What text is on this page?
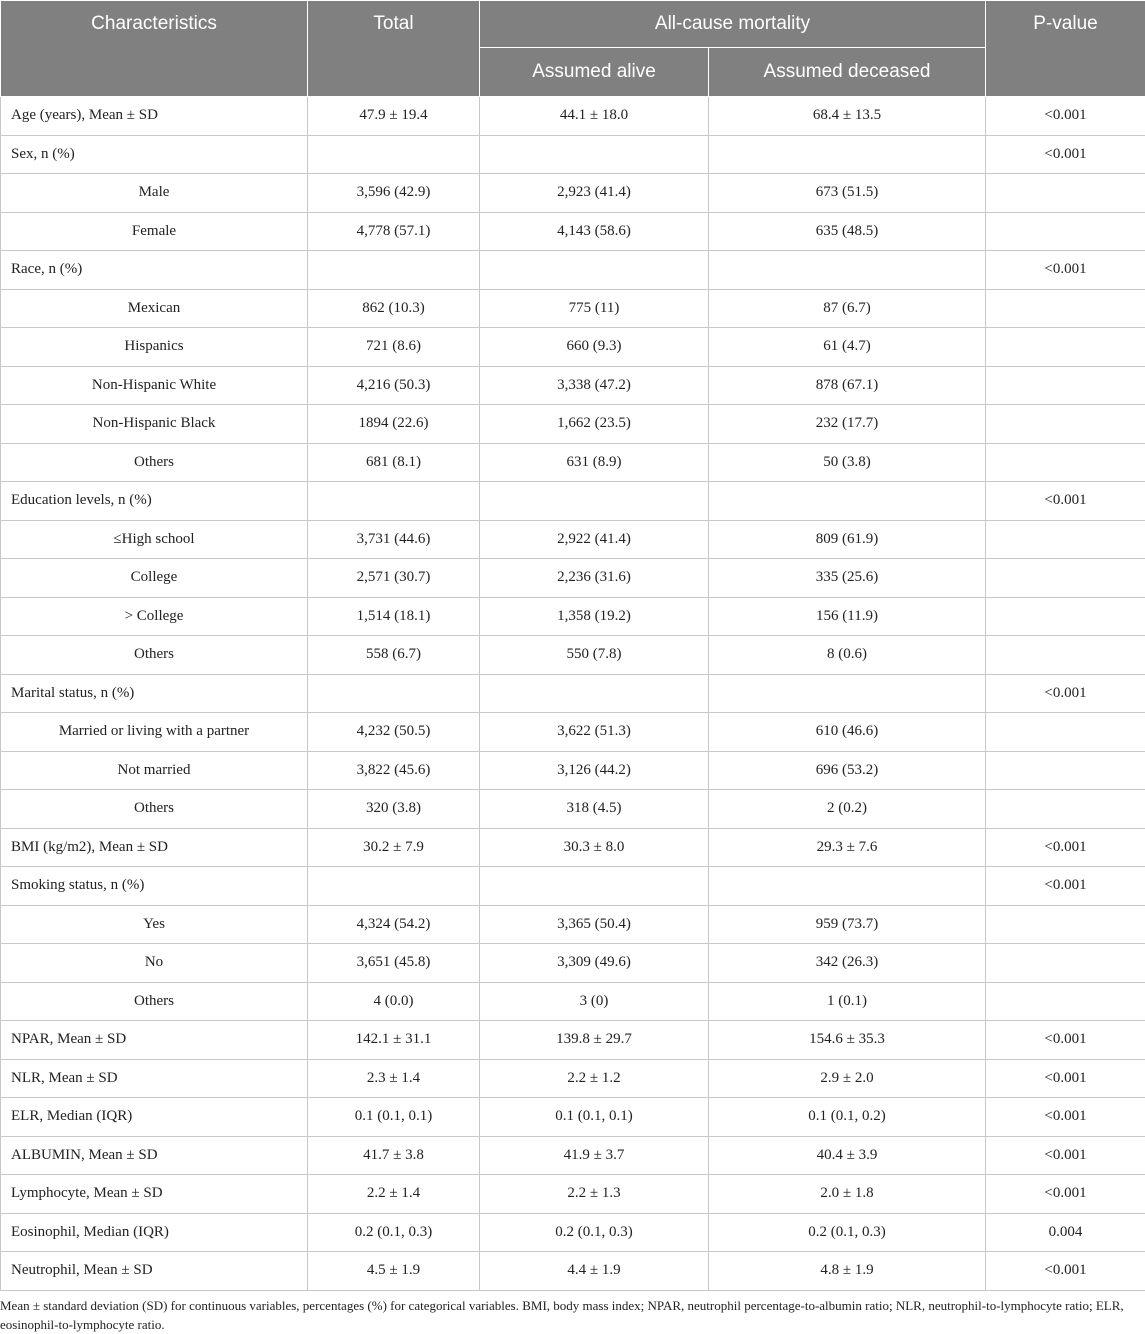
Characteristics	Total	All-cause mortality		P-value
		Assumed alive	Assumed deceased	
Age (years), Mean ± SD	47.9 ± 19.4	44.1 ± 18.0	68.4 ± 13.5	<0.001
Sex, n (%)				<0.001
Male	3,596 (42.9)	2,923 (41.4)	673 (51.5)	
Female	4,778 (57.1)	4,143 (58.6)	635 (48.5)	
Race, n (%)				<0.001
Mexican	862 (10.3)	775 (11)	87 (6.7)	
Hispanics	721 (8.6)	660 (9.3)	61 (4.7)	
Non-Hispanic White	4,216 (50.3)	3,338 (47.2)	878 (67.1)	
Non-Hispanic Black	1894 (22.6)	1,662 (23.5)	232 (17.7)	
Others	681 (8.1)	631 (8.9)	50 (3.8)	
Education levels, n (%)				<0.001
≤High school	3,731 (44.6)	2,922 (41.4)	809 (61.9)	
College	2,571 (30.7)	2,236 (31.6)	335 (25.6)	
> College	1,514 (18.1)	1,358 (19.2)	156 (11.9)	
Others	558 (6.7)	550 (7.8)	8 (0.6)	
Marital status, n (%)				<0.001
Married or living with a partner	4,232 (50.5)	3,622 (51.3)	610 (46.6)	
Not married	3,822 (45.6)	3,126 (44.2)	696 (53.2)	
Others	320 (3.8)	318 (4.5)	2 (0.2)	
BMI (kg/m2), Mean ± SD	30.2 ± 7.9	30.3 ± 8.0	29.3 ± 7.6	<0.001
Smoking status, n (%)				<0.001
Yes	4,324 (54.2)	3,365 (50.4)	959 (73.7)	
No	3,651 (45.8)	3,309 (49.6)	342 (26.3)	
Others	4 (0.0)	3 (0)	1 (0.1)	
NPAR, Mean ± SD	142.1 ± 31.1	139.8 ± 29.7	154.6 ± 35.3	<0.001
NLR, Mean ± SD	2.3 ± 1.4	2.2 ± 1.2	2.9 ± 2.0	<0.001
ELR, Median (IQR)	0.1 (0.1, 0.1)	0.1 (0.1, 0.1)	0.1 (0.1, 0.2)	<0.001
ALBUMIN, Mean ± SD	41.7 ± 3.8	41.9 ± 3.7	40.4 ± 3.9	<0.001
Lymphocyte, Mean ± SD	2.2 ± 1.4	2.2 ± 1.3	2.0 ± 1.8	<0.001
Eosinophil, Median (IQR)	0.2 (0.1, 0.3)	0.2 (0.1, 0.3)	0.2 (0.1, 0.3)	0.004
Neutrophil, Mean ± SD	4.5 ± 1.9	4.4 ± 1.9	4.8 ± 1.9	<0.001
Mean ± standard deviation (SD) for continuous variables, percentages (%) for categorical variables. BMI, body mass index; NPAR, neutrophil percentage-to-albumin ratio; NLR, neutrophil-to-lymphocyte ratio; ELR, eosinophil-to-lymphocyte ratio.
